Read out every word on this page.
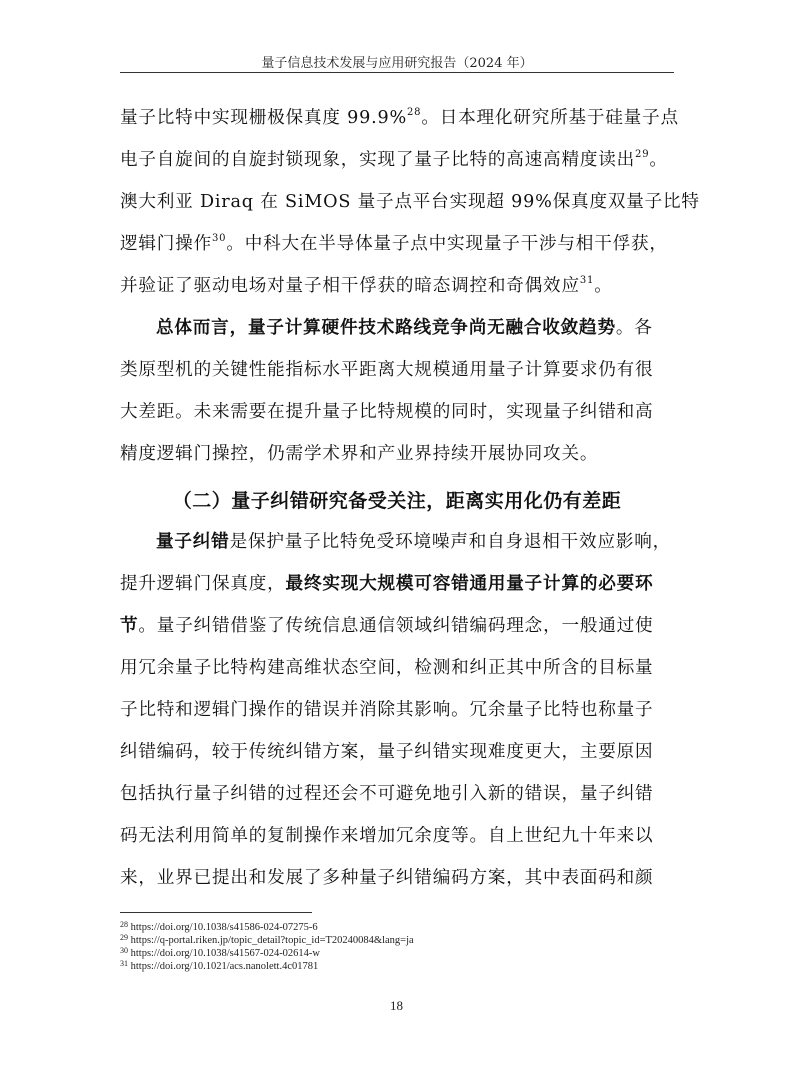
量子信息技术发展与应用研究报告（2024 年）
量子比特中实现栅极保真度 99.9%$^{28}$。日本理化研究所基于硅量子点
电子自旋间的自旋封锁现象，实现了量子比特的高速高精度读出$^{29}$。
澳大利亚 Diraq 在 SiMOS 量子点平台实现超 99%保真度双量子比特
逻辑门操作$^{30}$。中科大在半导体量子点中实现量子干涉与相干俘获，
并验证了驱动电场对量子相干俘获的暗态调控和奇偶效应$^{31}$。
总体而言，量子计算硬件技术路线竞争尚无融合收敛趋势。各
类原型机的关键性能指标水平距离大规模通用量子计算要求仍有很
大差距。未来需要在提升量子比特规模的同时，实现量子纠错和高
精度逻辑门操控，仍需学术界和产业界持续开展协同攻关。
（二）量子纠错研究备受关注，距离实用化仍有差距
量子纠错是保护量子比特免受环境噪声和自身退相干效应影响，
提升逻辑门保真度，最终实现大规模可容错通用量子计算的必要环
节。量子纠错借鉴了传统信息通信领域纠错编码理念，一般通过使
用冗余量子比特构建高维状态空间，检测和纠正其中所含的目标量
子比特和逻辑门操作的错误并消除其影响。冗余量子比特也称量子
纠错编码，较于传统纠错方案，量子纠错实现难度更大，主要原因
包括执行量子纠错的过程还会不可避免地引入新的错误，量子纠错
码无法利用简单的复制操作来增加冗余度等。自上世纪九十年来以
来，业界已提出和发展了多种量子纠错编码方案，其中表面码和颜
$^{28}$ https://doi.org/10.1038/s41586-024-07275-6
$^{29}$ https://q-portal.riken.jp/topic_detail?topic_id=T20240084&lang=ja
$^{30}$ https://doi.org/10.1038/s41567-024-02614-w
$^{31}$ https://doi.org/10.1021/acs.nanolett.4c01781
18
